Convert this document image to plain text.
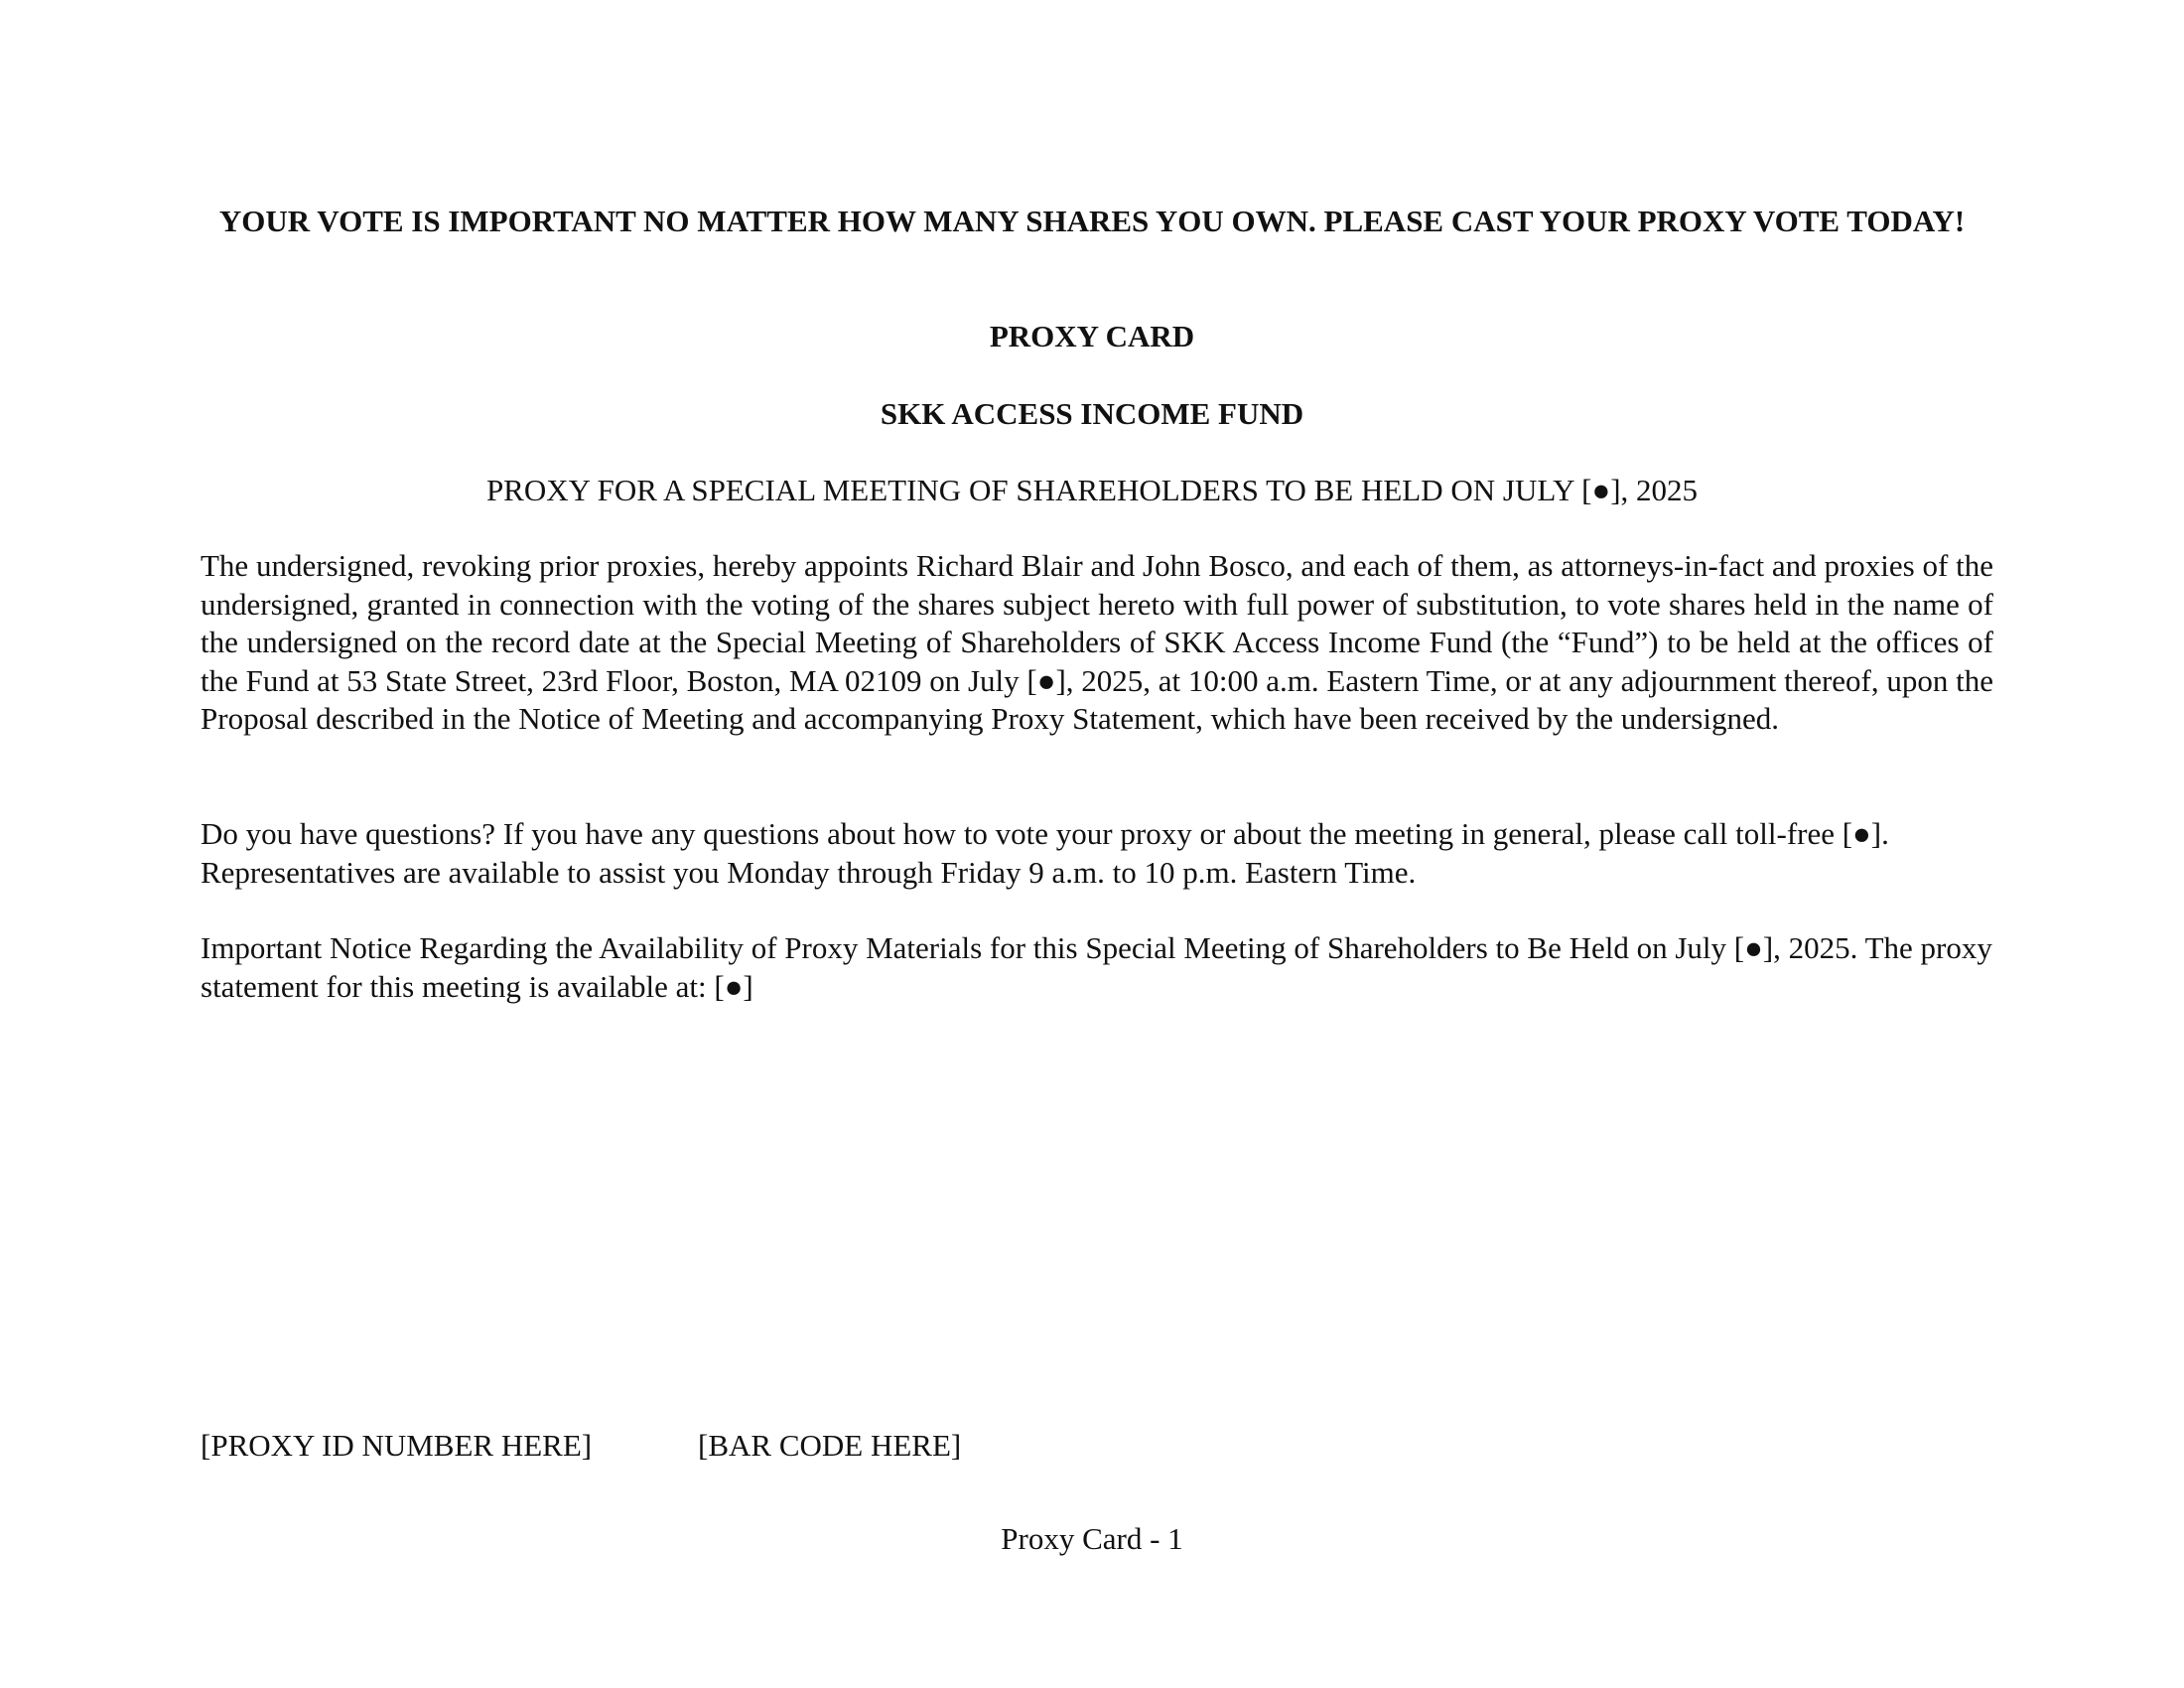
YOUR VOTE IS IMPORTANT NO MATTER HOW MANY SHARES YOU OWN. PLEASE CAST YOUR PROXY VOTE TODAY!
PROXY CARD
SKK ACCESS INCOME FUND
PROXY FOR A SPECIAL MEETING OF SHAREHOLDERS TO BE HELD ON JULY [●], 2025
The undersigned, revoking prior proxies, hereby appoints Richard Blair and John Bosco, and each of them, as attorneys-in-fact and proxies of the undersigned, granted in connection with the voting of the shares subject hereto with full power of substitution, to vote shares held in the name of the undersigned on the record date at the Special Meeting of Shareholders of SKK Access Income Fund (the “Fund”) to be held at the offices of the Fund at 53 State Street, 23rd Floor, Boston, MA 02109 on July [●], 2025, at 10:00 a.m. Eastern Time, or at any adjournment thereof, upon the Proposal described in the Notice of Meeting and accompanying Proxy Statement, which have been received by the undersigned.
Do you have questions? If you have any questions about how to vote your proxy or about the meeting in general, please call toll-free [●]. Representatives are available to assist you Monday through Friday 9 a.m. to 10 p.m. Eastern Time.
Important Notice Regarding the Availability of Proxy Materials for this Special Meeting of Shareholders to Be Held on July [●], 2025. The proxy statement for this meeting is available at: [●]
[PROXY ID NUMBER HERE]	[BAR CODE HERE]
Proxy Card - 1
